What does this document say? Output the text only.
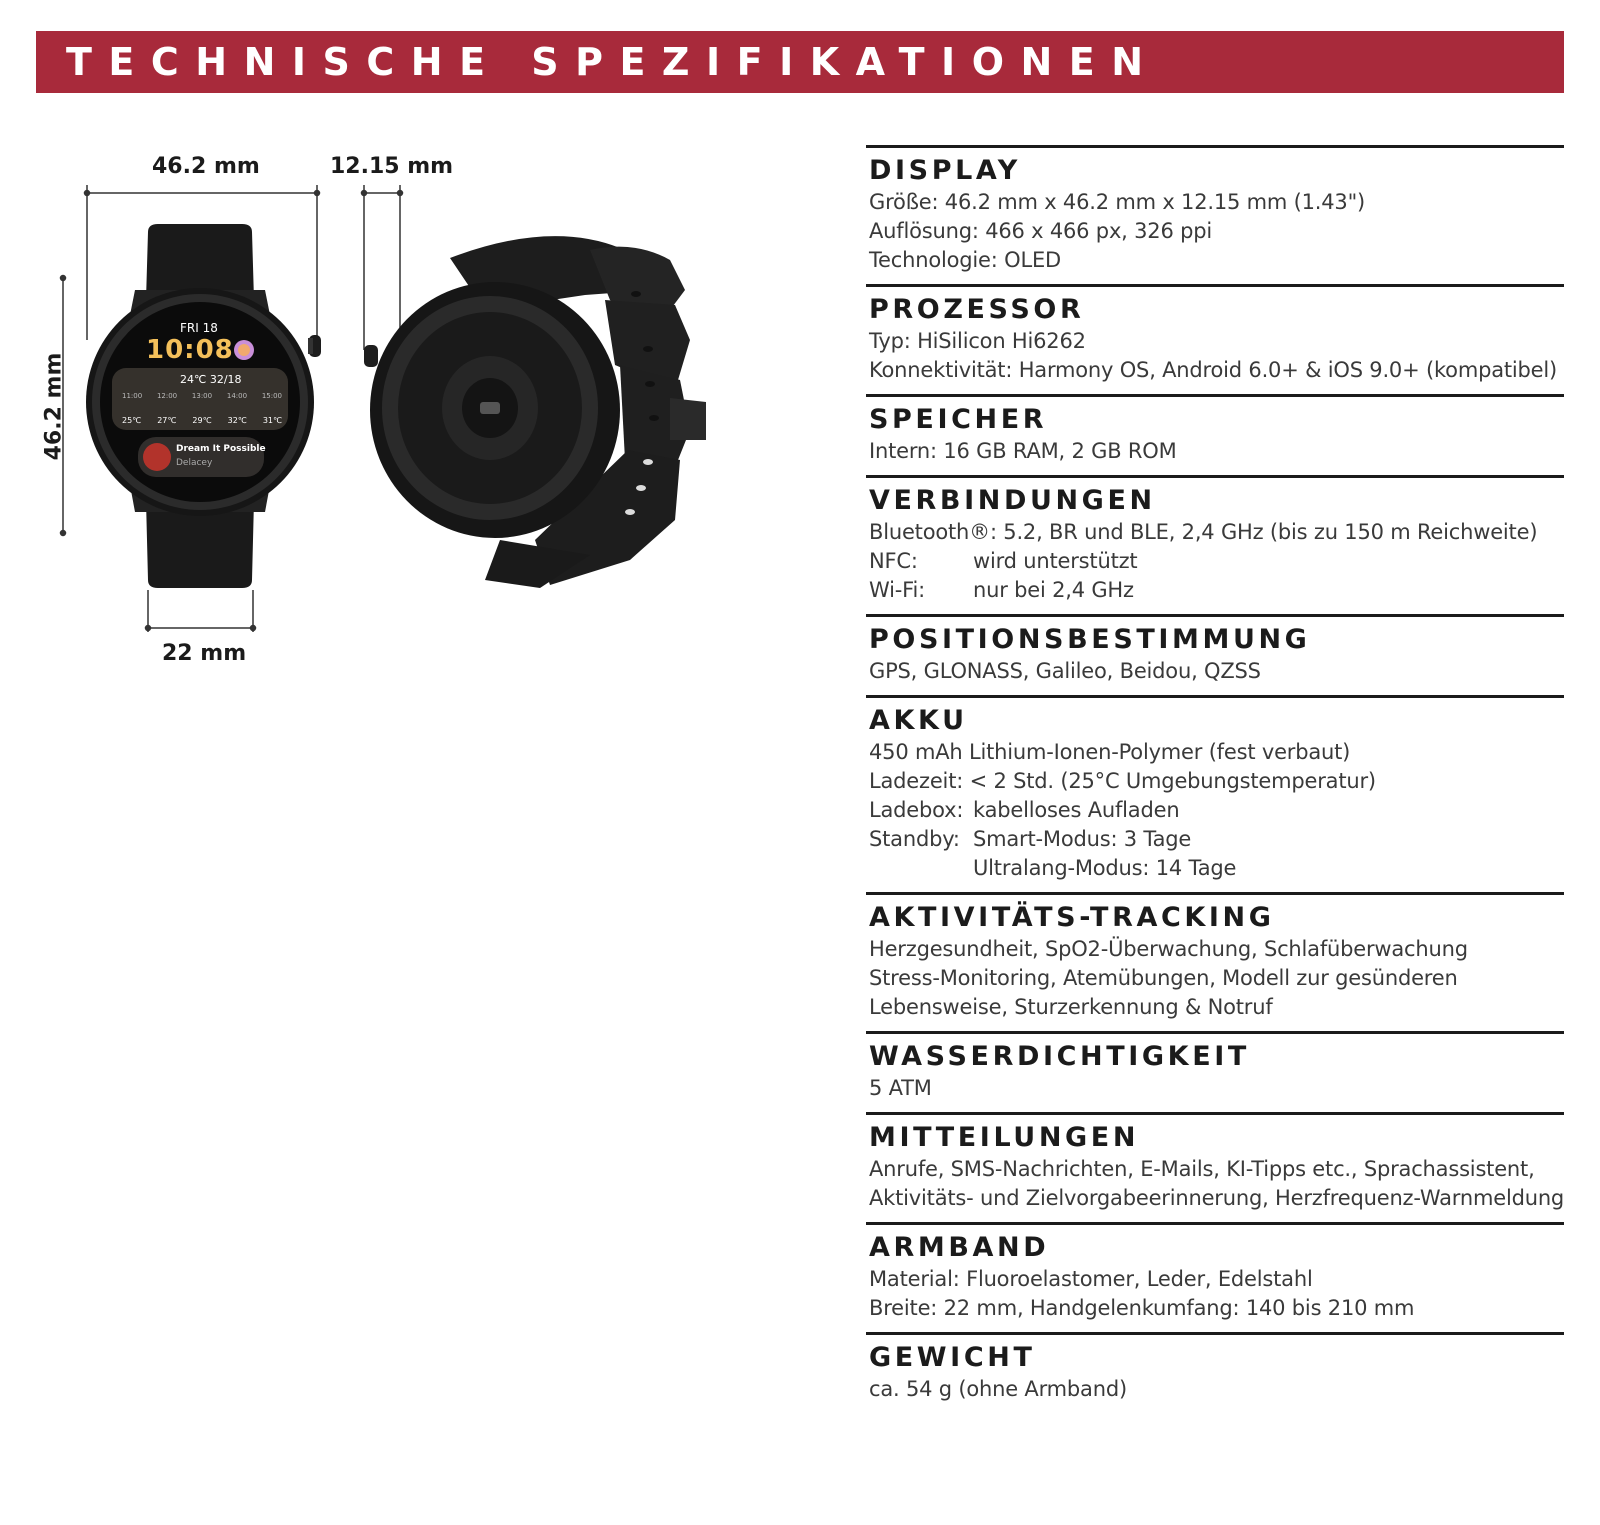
TECHNISCHE SPEZIFIKATIONEN
FRI 18
10:08
24℃ 32/18
11:00 12:00 13:00 14:00 15:00
25℃ 27℃ 29℃ 32℃ 31℃
Dream It Possible
Delacey
46.2 mm	12.15 mm
46.2 mm
22 mm
DISPLAY
Größe: 46.2 mm x 46.2 mm x 12.15 mm (1.43")
Auflösung: 466 x 466 px, 326 ppi
Technologie: OLED
PROZESSOR
Typ: HiSilicon Hi6262
Konnektivität: Harmony OS, Android 6.0+ & iOS 9.0+ (kompatibel)
SPEICHER
Intern: 16 GB RAM, 2 GB ROM
VERBINDUNGEN
Bluetooth®: 5.2, BR und BLE, 2,4 GHz (bis zu 150 m Reichweite)
NFC:	wird unterstützt
Wi-Fi:	nur bei 2,4 GHz
POSITIONSBESTIMMUNG
GPS, GLONASS, Galileo, Beidou, QZSS
AKKU
450 mAh Lithium-Ionen-Polymer (fest verbaut)
Ladezeit: < 2 Std. (25°C Umgebungstemperatur)
Ladebox: kabelloses Aufladen
Standby: Smart-Modus: 3 Tage
Ultralang-Modus: 14 Tage
AKTIVITÄTS-TRACKING
Herzgesundheit, SpO2-Überwachung, Schlafüberwachung
Stress-Monitoring, Atemübungen, Modell zur gesünderen
Lebensweise, Sturzerkennung & Notruf
WASSERDICHTIGKEIT
5 ATM
MITTEILUNGEN
Anrufe, SMS-Nachrichten, E-Mails, KI-Tipps etc., Sprachassistent,
Aktivitäts- und Zielvorgabeerinnerung, Herzfrequenz-Warnmeldung
ARMBAND
Material: Fluoroelastomer, Leder, Edelstahl
Breite: 22 mm, Handgelenkumfang: 140 bis 210 mm
GEWICHT
ca. 54 g (ohne Armband)
